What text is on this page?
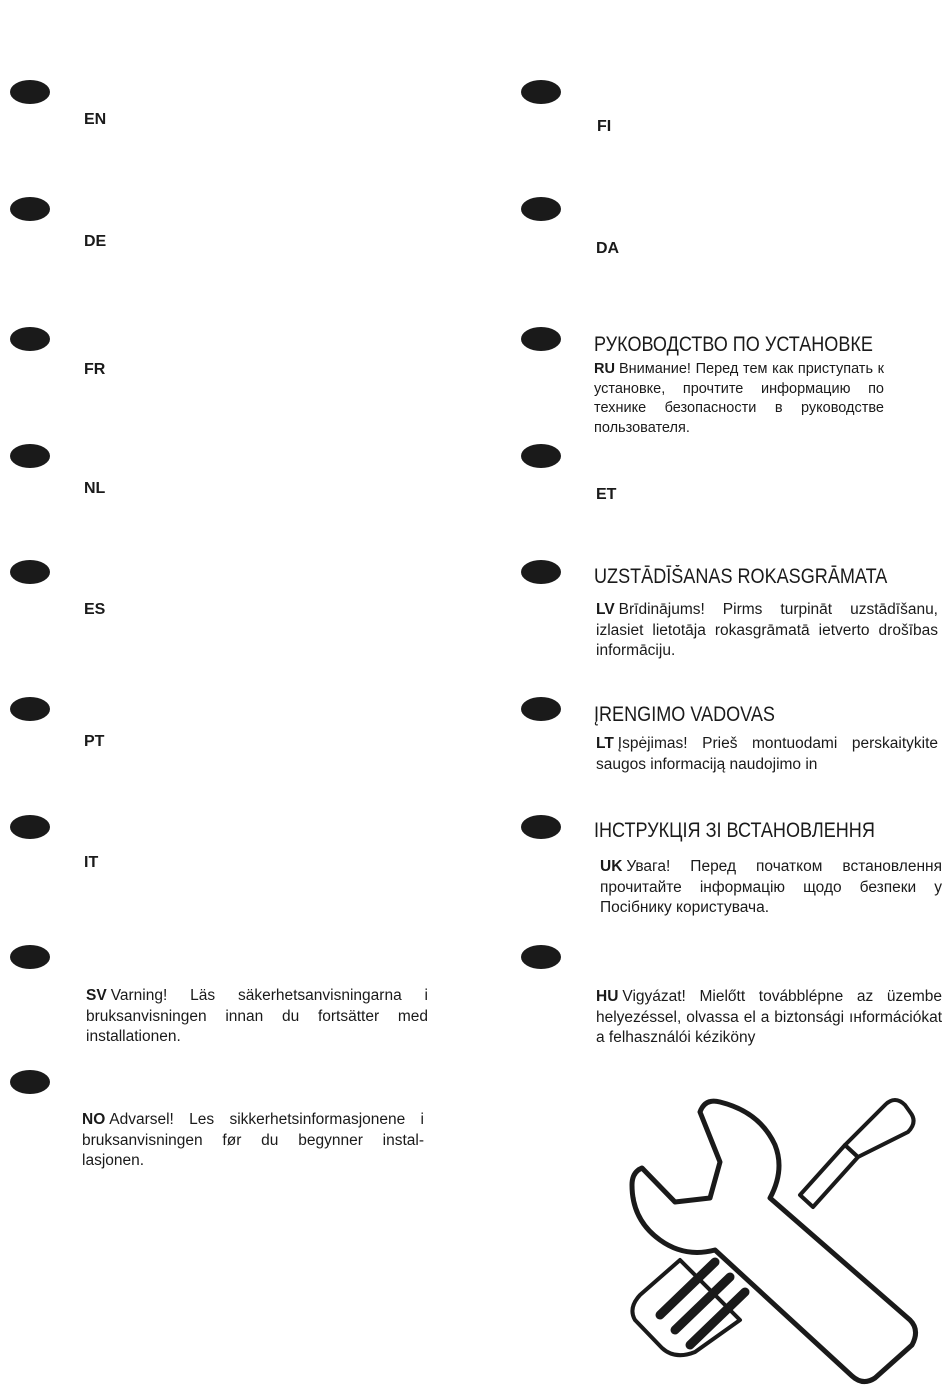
EN
DE
FR
NL
ES
PT
IT
SV Varning! Läs säkerhetsanvisningarna i bruksanvisningen innan du fortsätter med installationen.
NO Advarsel! Les sikkerhetsinformasjonene i bruksanvisningen før du begynner instal-lasjonen.
FI
DA
РУКОВОДСТВО ПО УСТАНОВКЕ
RU Внимание! Перед тем как приступать к установке, прочтите информацию по технике безопасности в руководстве пользователя.
ET
UZSTĀDĪŠANAS ROKASGRĀMATA
LV Brīdinājums! Pirms turpināt uzstādīšanu, izlasiet lietotāja rokasgrāmatā ietverto drošības informāciju.
ĮRENGIMO VADOVAS
LT Įspėjimas! Prieš montuodami perskaitykite saugos informaciją naudojimo in
ІНСТРУКЦІЯ ЗІ ВСТАНОВЛЕННЯ
UK Увага! Перед початком встановлення прочитайте інформацію щодо безпеки у Посібнику користувача.
HU Vigyázat! Mielőtt továbblépne az üzembe helyezéssel, olvassa el a biztonsági ıнformációkat a felhasználói kéziköny
